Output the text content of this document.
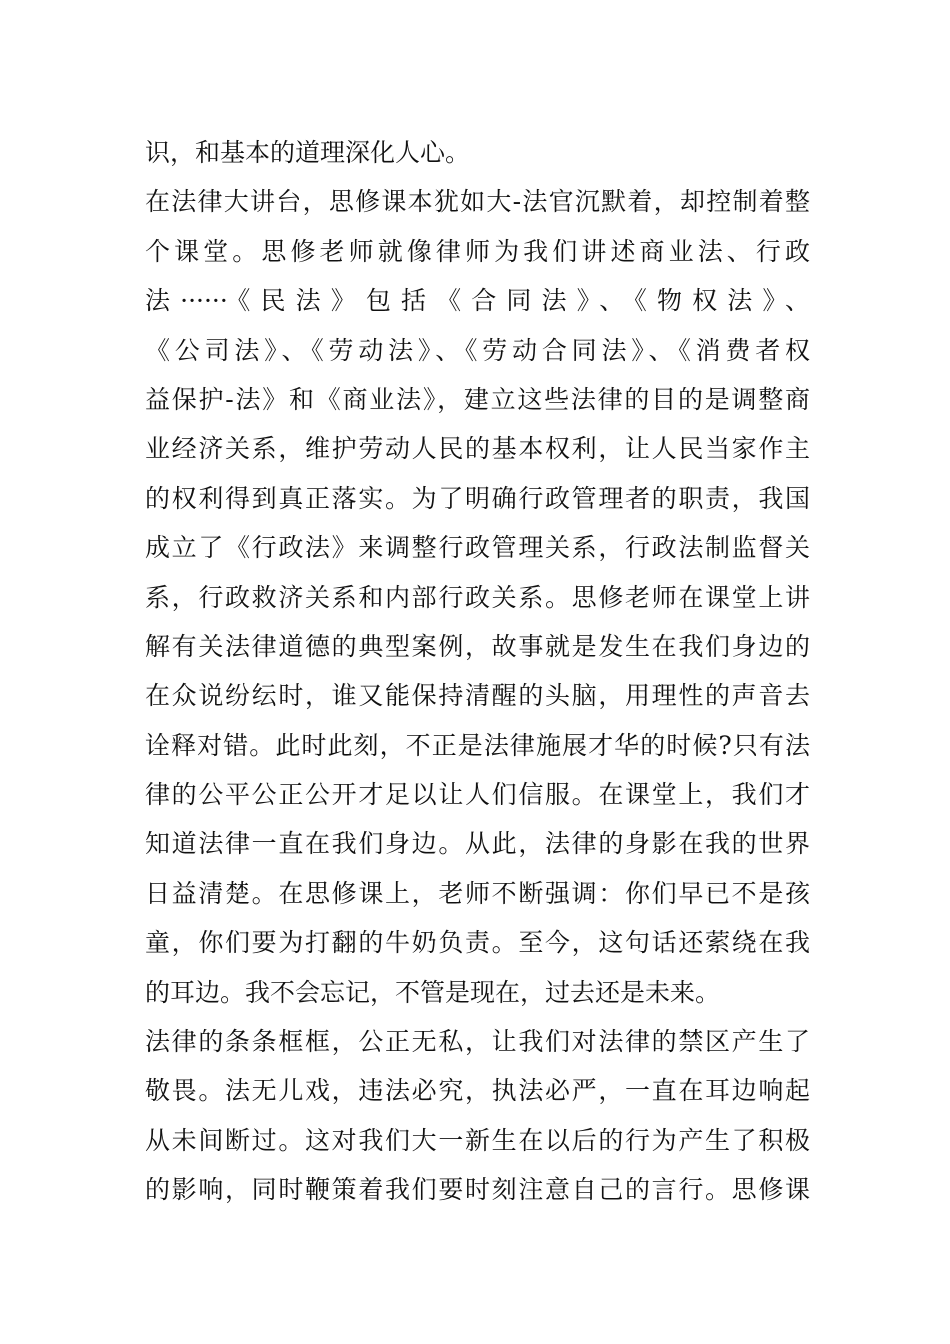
识，和基本的道理深化人心。
在法律大讲台，思修课本犹如大-法官沉默着，却控制着整
个课堂。思修老师就像律师为我们讲述商业法、行政
法······《民法》包括《合同法》、《物权法》、
《公司法》、《劳动法》、《劳动合同法》、《消费者权
益保护-法》和《商业法》，建立这些法律的目的是调整商
业经济关系，维护劳动人民的基本权利，让人民当家作主
的权利得到真正落实。为了明确行政管理者的职责，我国
成立了《行政法》来调整行政管理关系，行政法制监督关
系，行政救济关系和内部行政关系。思修老师在课堂上讲
解有关法律道德的典型案例，故事就是发生在我们身边的
在众说纷纭时，谁又能保持清醒的头脑，用理性的声音去
诠释对错。此时此刻，不正是法律施展才华的时候?只有法
律的公平公正公开才足以让人们信服。在课堂上，我们才
知道法律一直在我们身边。从此，法律的身影在我的世界
日益清楚。在思修课上，老师不断强调：你们早已不是孩
童，你们要为打翻的牛奶负责。至今，这句话还萦绕在我
的耳边。我不会忘记，不管是现在，过去还是未来。
法律的条条框框，公正无私，让我们对法律的禁区产生了
敬畏。法无儿戏，违法必究，执法必严，一直在耳边响起
从未间断过。这对我们大一新生在以后的行为产生了积极
的影响，同时鞭策着我们要时刻注意自己的言行。思修课
